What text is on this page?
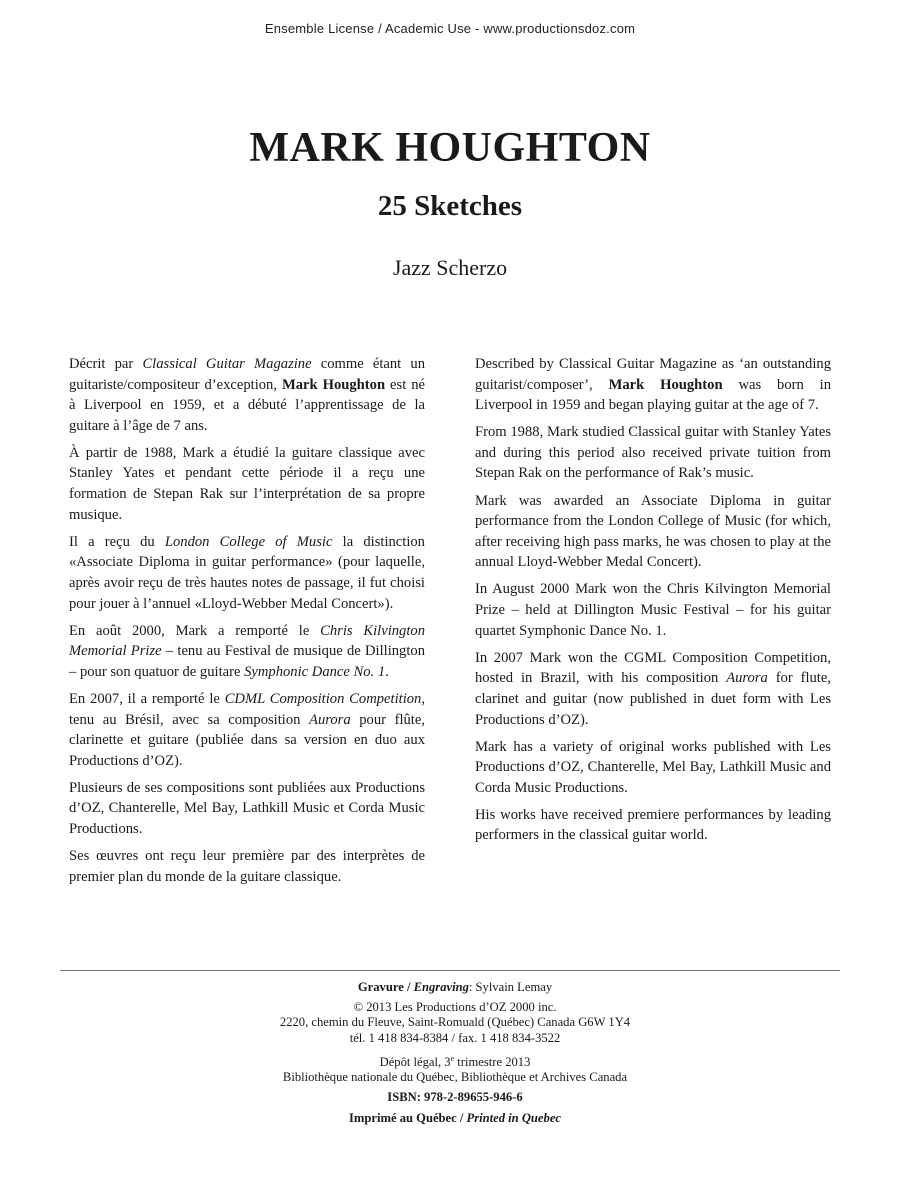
Ensemble License / Academic Use - www.productionsdoz.com
MARK HOUGHTON
25 Sketches
Jazz Scherzo

Décrit par Classical Guitar Magazine comme étant un guitariste/compositeur d’exception, Mark Houghton est né à Liverpool en 1959, et a débuté l’apprentissage de la guitare à l’âge de 7 ans.

À partir de 1988, Mark a étudié la guitare classique avec Stanley Yates et pendant cette période il a reçu une formation de Stepan Rak sur l’interprétation de sa propre musique.

Il a reçu du London College of Music la distinction «Associate Diploma in guitar performance» (pour laquelle, après avoir reçu de très hautes notes de passage, il fut choisi pour jouer à l’annuel «Lloyd-Webber Medal Concert»).

En août 2000, Mark a remporté le Chris Kilvington Memorial Prize – tenu au Festival de musique de Dillington – pour son quatuor de guitare Symphonic Dance No. 1.

En 2007, il a remporté le CDML Composition Competition, tenu au Brésil, avec sa composition Aurora pour flûte, clarinette et guitare (publiée dans sa version en duo aux Productions d’OZ).

Plusieurs de ses compositions sont publiées aux Productions d’OZ, Chanterelle, Mel Bay, Lathkill Music et Corda Music Productions.

Ses œuvres ont reçu leur première par des interprètes de premier plan du monde de la guitare classique.

Described by Classical Guitar Magazine as ‘an outstanding guitarist/composer’, Mark Houghton was born in Liverpool in 1959 and began playing guitar at the age of 7.

From 1988, Mark studied Classical guitar with Stanley Yates and during this period also received private tuition from Stepan Rak on the performance of Rak’s music.

Mark was awarded an Associate Diploma in guitar performance from the London College of Music (for which, after receiving high pass marks, he was chosen to play at the annual Lloyd-Webber Medal Concert).

In August 2000 Mark won the Chris Kilvington Memorial Prize – held at Dillington Music Festival – for his guitar quartet Symphonic Dance No. 1.

In 2007 Mark won the CGML Composition Competition, hosted in Brazil, with his composition Aurora for flute, clarinet and guitar (now published in duet form with Les Productions d’OZ).

Mark has a variety of original works published with Les Productions d’OZ, Chanterelle, Mel Bay, Lathkill Music and Corda Music Productions.

His works have received premiere performances by leading performers in the classical guitar world.

Gravure / Engraving: Sylvain Lemay
© 2013 Les Productions d’OZ 2000 inc.
2220, chemin du Fleuve, Saint-Romuald (Québec) Canada G6W 1Y4
tél. 1 418 834-8384 / fax. 1 418 834-3522
Dépôt légal, 3e trimestre 2013
Bibliothèque nationale du Québec, Bibliothèque et Archives Canada
ISBN: 978-2-89655-946-6
Imprimé au Québec / Printed in Quebec
